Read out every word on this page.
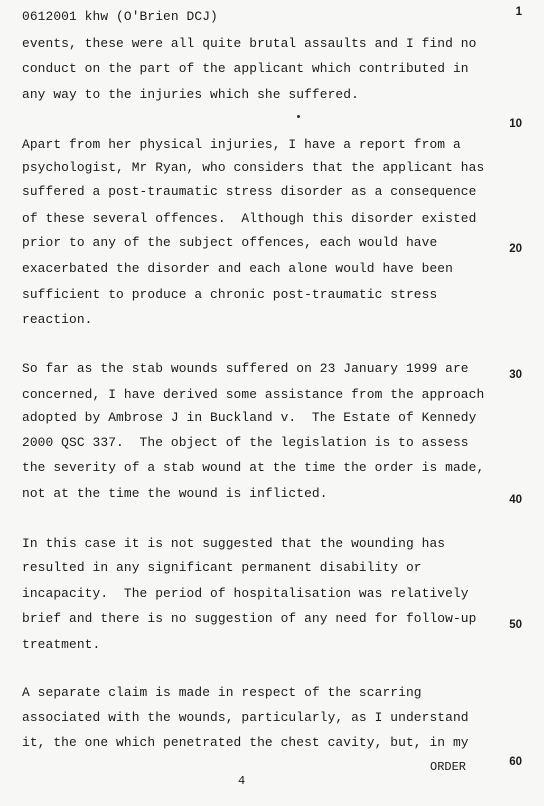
0612001 khw (O'Brien DCJ)
events, these were all quite brutal assaults and I find no
conduct on the part of the applicant which contributed in
any way to the injuries which she suffered.
Apart from her physical injuries, I have a report from a
psychologist, Mr Ryan, who considers that the applicant has
suffered a post-traumatic stress disorder as a consequence
of these several offences.  Although this disorder existed
prior to any of the subject offences, each would have
exacerbated the disorder and each alone would have been
sufficient to produce a chronic post-traumatic stress
reaction.
So far as the stab wounds suffered on 23 January 1999 are
concerned, I have derived some assistance from the approach
adopted by Ambrose J in Buckland v.  The Estate of Kennedy
2000 QSC 337.  The object of the legislation is to assess
the severity of a stab wound at the time the order is made,
not at the time the wound is inflicted.
In this case it is not suggested that the wounding has
resulted in any significant permanent disability or
incapacity.  The period of hospitalisation was relatively
brief and there is no suggestion of any need for follow-up
treatment.
A separate claim is made in respect of the scarring
associated with the wounds, particularly, as I understand
it, the one which penetrated the chest cavity, but, in my
1
10
20
30
40
50
60
ORDER
4
